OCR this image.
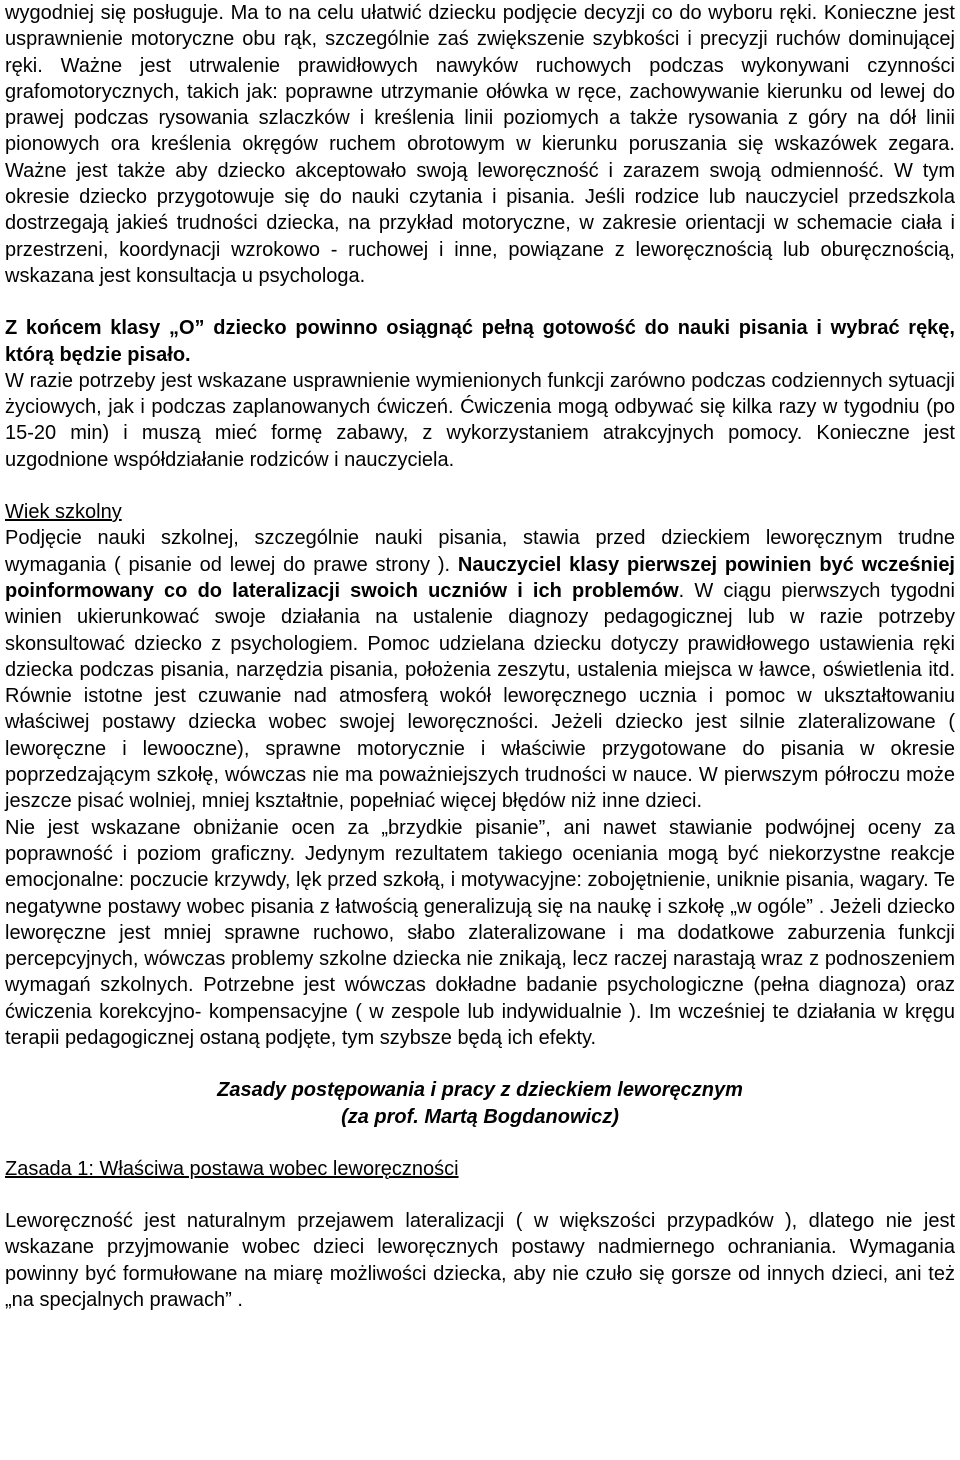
wygodniej się posługuje. Ma to na celu ułatwić dziecku podjęcie decyzji co do wyboru ręki. Konieczne jest usprawnienie motoryczne obu rąk, szczególnie zaś zwiększenie szybkości i precyzji ruchów dominującej ręki. Ważne jest utrwalenie prawidłowych nawyków ruchowych podczas wykonywani czynności grafomotorycznych, takich jak: poprawne utrzymanie ołówka w ręce, zachowywanie kierunku od lewej do prawej podczas rysowania szlaczków i kreślenia linii poziomych a także rysowania z góry na dół linii pionowych ora kreślenia okręgów ruchem obrotowym w kierunku poruszania się wskazówek zegara. Ważne jest także aby dziecko akceptowało swoją leworęczność i zarazem swoją odmienność. W tym okresie dziecko przygotowuje się do nauki czytania i pisania. Jeśli rodzice lub nauczyciel przedszkola dostrzegają jakieś trudności dziecka, na przykład motoryczne, w zakresie orientacji w schemacie ciała i przestrzeni, koordynacji wzrokowo - ruchowej i inne, powiązane z leworęcznością lub oburęcznością, wskazana jest konsultacja u psychologa.

Z końcem klasy „O” dziecko powinno osiągnąć pełną gotowość do nauki pisania i wybrać rękę, którą będzie pisało.

W razie potrzeby jest wskazane usprawnienie wymienionych funkcji zarówno podczas codziennych sytuacji życiowych, jak i podczas zaplanowanych ćwiczeń. Ćwiczenia mogą odbywać się kilka razy w tygodniu (po 15-20 min) i muszą mieć formę zabawy, z wykorzystaniem atrakcyjnych pomocy. Konieczne jest uzgodnione współdziałanie rodziców i nauczyciela.

Wiek szkolny

Podjęcie nauki szkolnej, szczególnie nauki pisania, stawia przed dzieckiem leworęcznym trudne wymagania ( pisanie od lewej do prawe strony ). Nauczyciel klasy pierwszej powinien być wcześniej poinformowany co do lateralizacji swoich uczniów i ich problemów. W ciągu pierwszych tygodni winien ukierunkować swoje działania na ustalenie diagnozy pedagogicznej lub w razie potrzeby skonsultować dziecko z psychologiem. Pomoc udzielana dziecku dotyczy prawidłowego ustawienia ręki dziecka podczas pisania, narzędzia pisania, położenia zeszytu, ustalenia miejsca w ławce, oświetlenia itd. Równie istotne jest czuwanie nad atmosferą wokół leworęcznego ucznia i pomoc w ukształtowaniu właściwej postawy dziecka wobec swojej leworęczności. Jeżeli dziecko jest silnie zlateralizowane ( leworęczne i lewooczne), sprawne motorycznie i właściwie przygotowane do pisania w okresie poprzedzającym szkołę, wówczas nie ma poważniejszych trudności w nauce. W pierwszym półroczu może jeszcze pisać wolniej, mniej kształtnie, popełniać więcej błędów niż inne dzieci.

Nie jest wskazane obniżanie ocen za „brzydkie pisanie”, ani nawet stawianie podwójnej oceny za poprawność i poziom graficzny. Jedynym rezultatem takiego oceniania mogą być niekorzystne reakcje emocjonalne: poczucie krzywdy, lęk przed szkołą, i motywacyjne: zobojętnienie, uniknie pisania, wagary. Te negatywne postawy wobec pisania z łatwością generalizują się na naukę i szkołę „w ogóle” . Jeżeli dziecko leworęczne jest mniej sprawne ruchowo, słabo zlateralizowane i ma dodatkowe zaburzenia funkcji percepcyjnych, wówczas problemy szkolne dziecka nie znikają, lecz raczej narastają wraz z podnoszeniem wymagań szkolnych. Potrzebne jest wówczas dokładne badanie psychologiczne (pełna diagnoza) oraz ćwiczenia korekcyjno- kompensacyjne ( w zespole lub indywidualnie ). Im wcześniej te działania w kręgu terapii pedagogicznej ostaną podjęte, tym szybsze będą ich efekty.

Zasady postępowania i pracy z dzieckiem leworęcznym
(za prof. Martą Bogdanowicz)

Zasada 1: Właściwa postawa wobec leworęczności

Leworęczność jest naturalnym przejawem lateralizacji ( w większości przypadków ), dlatego nie jest wskazane przyjmowanie wobec dzieci leworęcznych postawy nadmiernego ochraniania. Wymagania powinny być formułowane na miarę możliwości dziecka, aby nie czuło się gorsze od innych dzieci, ani też „na specjalnych prawach” .
